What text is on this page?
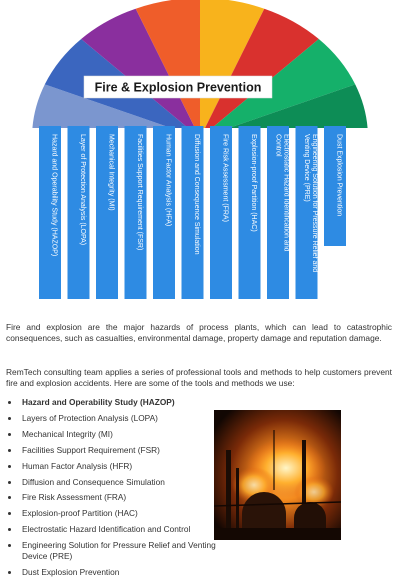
Fire & Explosion Prevention
Hazard and Operability Study (HAZOP)	Layer of Protection Analysis (LOPA)	Mechanical Integrity (MI)	Facilities Support Requirement (FSR)	Human Factor Analysis (HFA)	Diffusion and Consequence Simulation	Fire Risk Assessment (FRA)	Explosion-proof Partition (HAC)	Electrostatic Hazard Identification andControl	Engineering Solution for Pressure Relief andVenting Device (PRE)	Dust Explosion Prevention

Fire and explosion are the major hazards of process plants, which can lead to catastrophic consequences, such as casualties, environmental damage, property damage and reputation damage.

RemTech consulting team applies a series of professional tools and methods to help customers prevent fire and explosion accidents. Here are some of the tools and methods we use:

Hazard and Operability Study (HAZOP)
Layers of Protection Analysis (LOPA)
Mechanical Integrity (MI)
Facilities Support Requirement (FSR)
Human Factor Analysis (HFR)
Diffusion and Consequence Simulation
Fire Risk Assessment (FRA)
Explosion-proof Partition (HAC)
Electrostatic Hazard Identification and Control
Engineering Solution for Pressure Relief and Venting Device (PRE)
Dust Explosion Prevention
